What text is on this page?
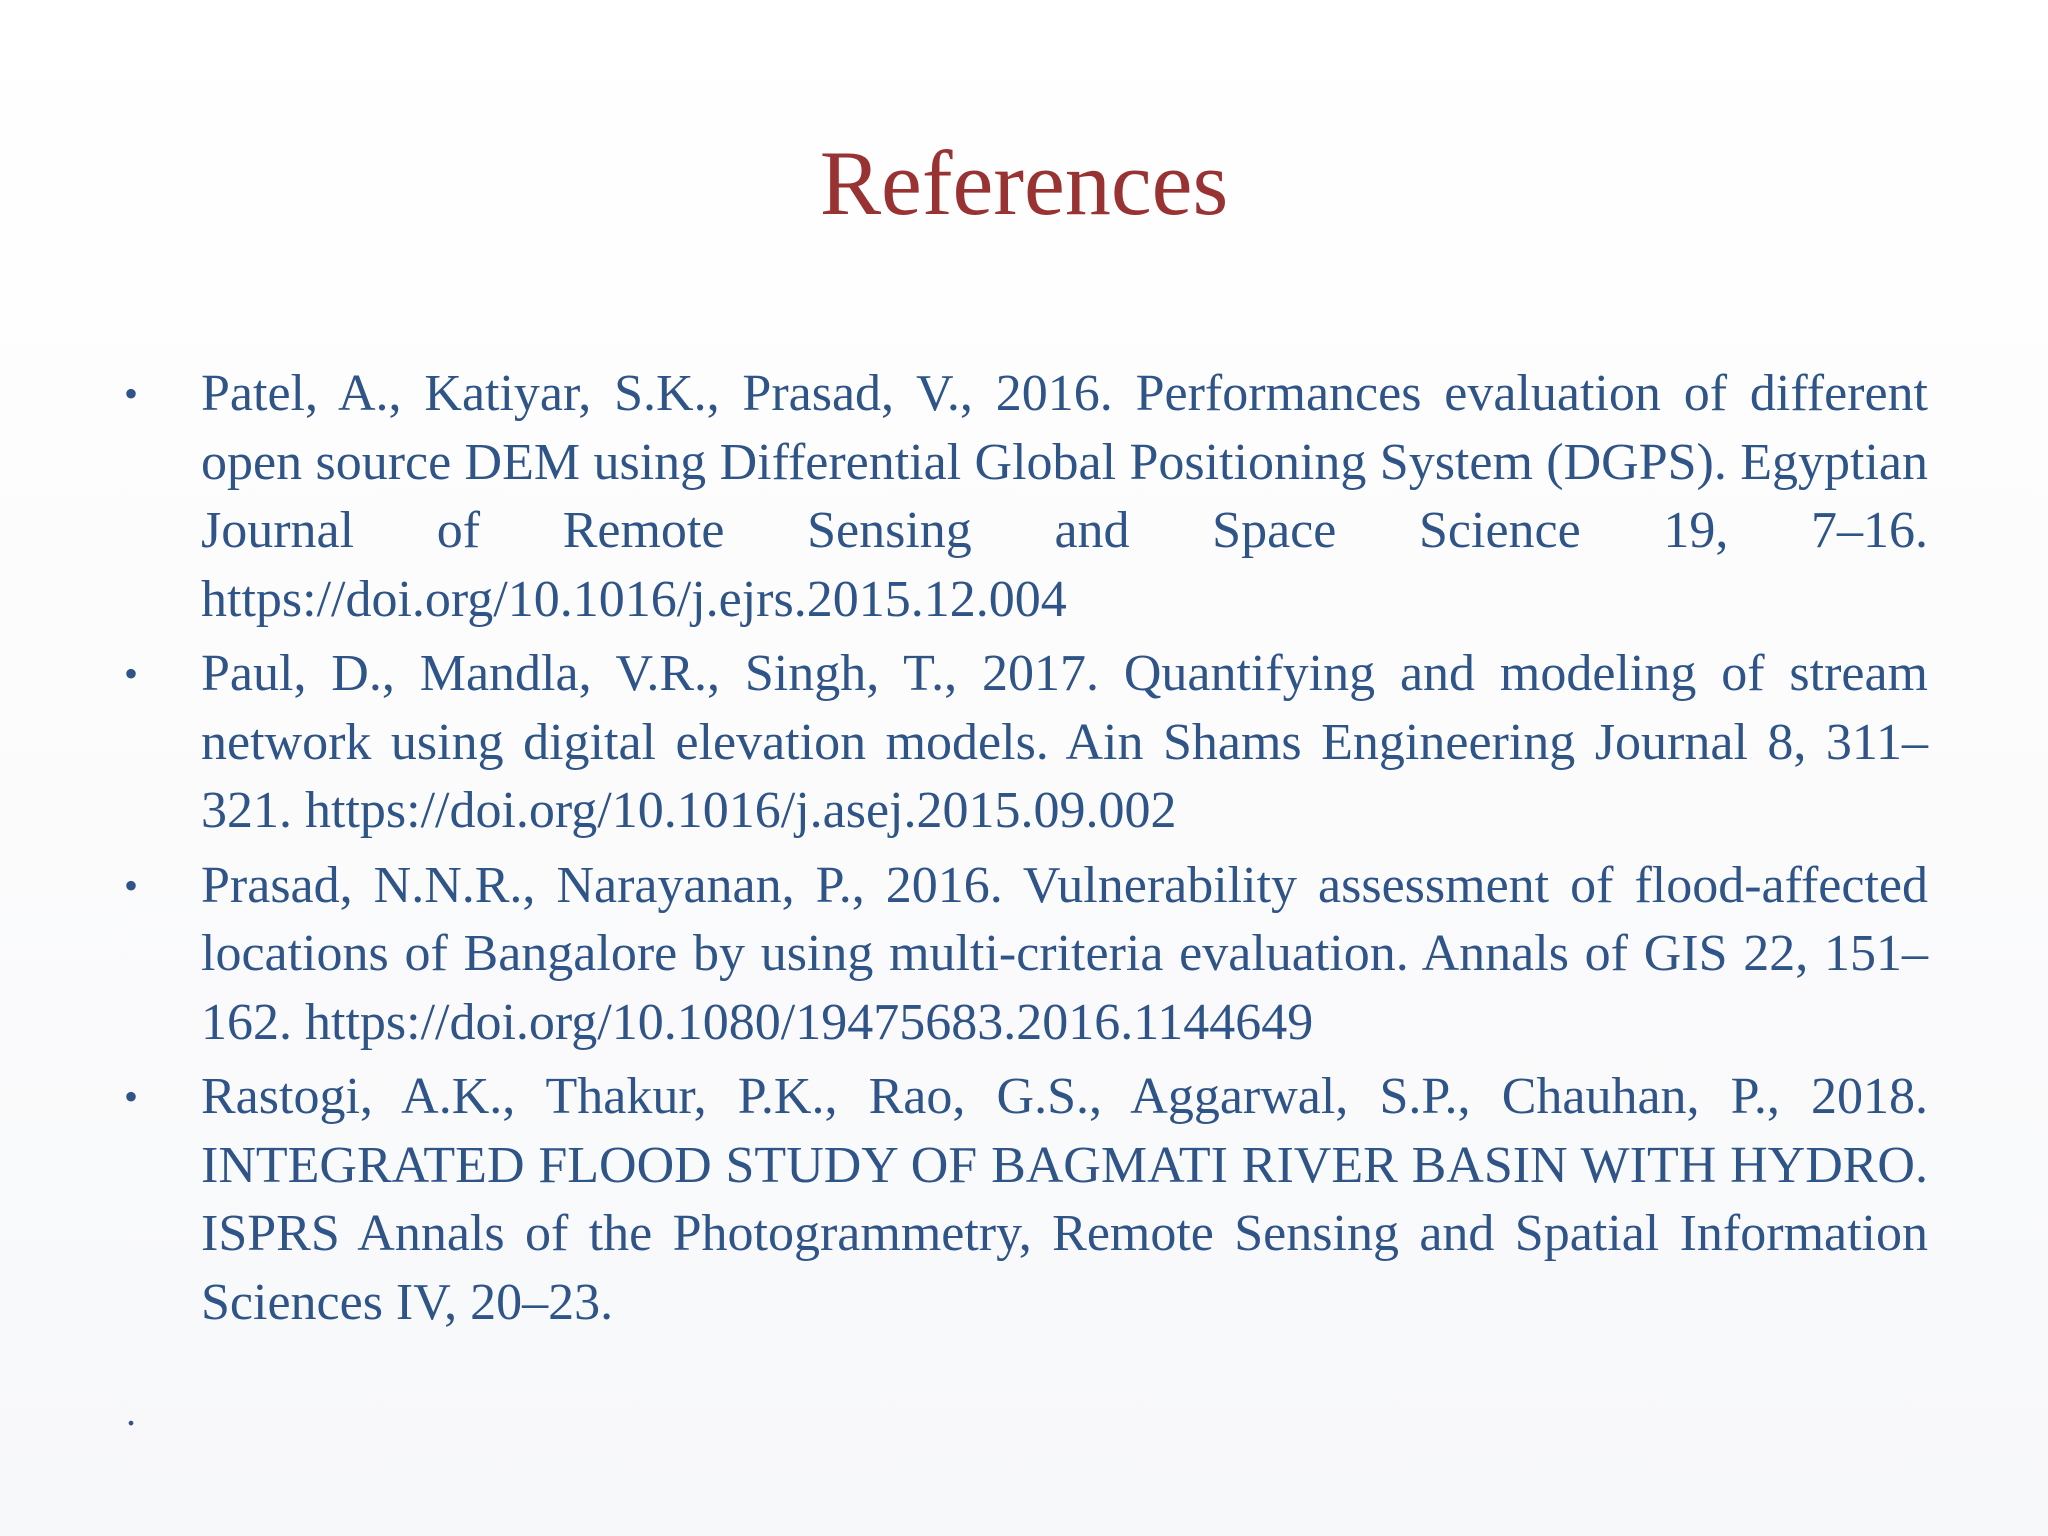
References
• Patel, A., Katiyar, S.K., Prasad, V., 2016. Performances evaluation of different open source DEM using Differential Global Positioning System (DGPS). Egyptian Journal of Remote Sensing and Space Science 19, 7–16. https://doi.org/10.1016/j.ejrs.2015.12.004
• Paul, D., Mandla, V.R., Singh, T., 2017. Quantifying and modeling of stream network using digital elevation models. Ain Shams Engineering Journal 8, 311–321. https://doi.org/10.1016/j.asej.2015.09.002
• Prasad, N.N.R., Narayanan, P., 2016. Vulnerability assessment of flood-affected locations of Bangalore by using multi-criteria evaluation. Annals of GIS 22, 151–162. https://doi.org/10.1080/19475683.2016.1144649
• Rastogi, A.K., Thakur, P.K., Rao, G.S., Aggarwal, S.P., Chauhan, P., 2018. INTEGRATED FLOOD STUDY OF BAGMATI RIVER BASIN WITH HYDRO. ISPRS Annals of the Photogrammetry, Remote Sensing and Spatial Information Sciences IV, 20–23.
.
